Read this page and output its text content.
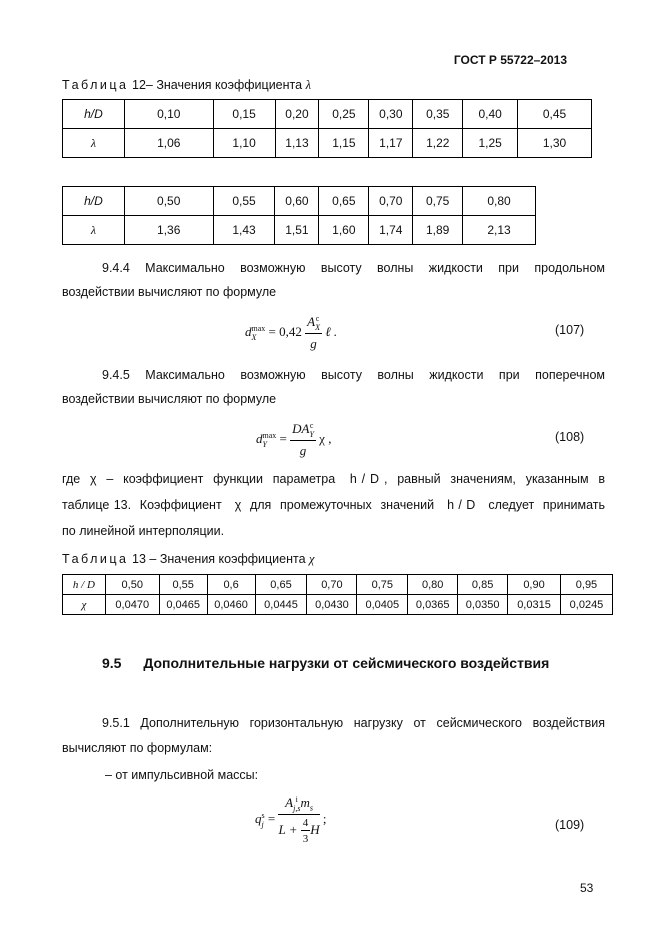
ГОСТ Р 55722–2013
Таблица 12– Значения коэффициента λ
h/D	0,10	0,15	0,20	0,25	0,30	0,35	0,40	0,45
λ	1,06	1,10	1,13	1,15	1,17	1,22	1,25	1,30
h/D	0,50	0,55	0,60	0,65	0,70	0,75	0,80
λ	1,36	1,43	1,51	1,60	1,74	1,89	2,13
9.4.4 Максимально возможную высоту волны жидкости при продольном
воздействии вычисляют по формуле
d max
X = 0,42 A c
X
g ℓ .	(107)
9.4.5 Максимально возможную высоту волны жидкости при поперечном
воздействии вычисляют по формуле
d max
Y = DA c
Y
g χ ,	(108)
где  χ  –  коэффициент  функции  параметра   h / D ,  равный  значениям,  указанным  в
таблице 13.  Коэффициент   χ  для  промежуточных  значений   h / D   следует  принимать
по линейной интерполяции.
Таблица 13 – Значения коэффициента χ
h / D	0,50	0,55	0,6	0,65	0,70	0,75	0,80	0,85	0,90	0,95
χ	0,0470	0,0465	0,0460	0,0445	0,0430	0,0405	0,0365	0,0350	0,0315	0,0245
9.5 Дополнительные нагрузки от сейсмического воздействия
9.5.1 Дополнительную горизонтальную нагрузку от сейсмического воздействия
вычисляют по формулам:
– от импульсивной массы:
q s
j = A i
j,s $m_s$
$L + \frac{4}{3}$ H ;	(109)
53
